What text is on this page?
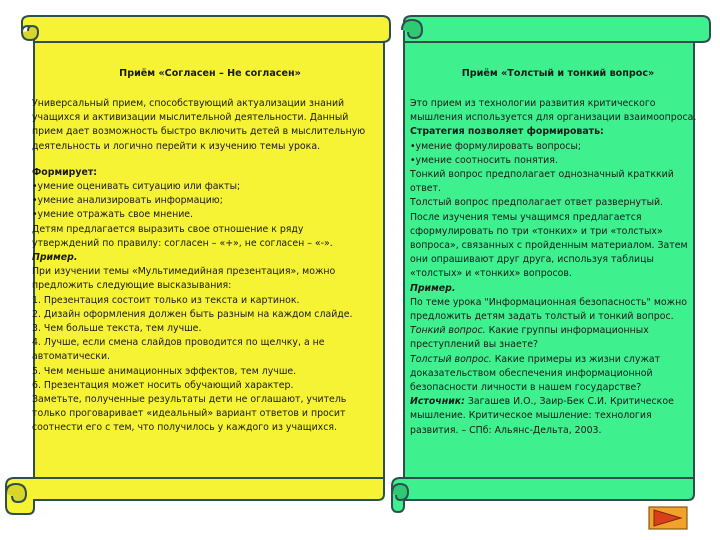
Приём «Согласен – Не согласен»

Универсальный прием, способствующий актуализации знаний учащихся и активизации мыслительной деятельности. Данный прием дает возможность быстро включить детей в мыслительную деятельность и логично перейти к изучению темы урока.

Формирует:

•умение оценивать ситуацию или факты;

•умение анализировать информацию;

•умение отражать свое мнение.

Детям предлагается выразить свое отношение к ряду утверждений по правилу: согласен – «+», не согласен – «-».

Пример.

При изучении темы «Мультимедийная презентация», можно предложить следующие высказывания:

1. Презентация состоит только из текста и картинок.

2. Дизайн оформления должен быть разным на каждом слайде.

3. Чем больше текста, тем лучше.

4. Лучше, если смена слайдов проводится по щелчку, а не автоматически.

5. Чем меньше анимационных эффектов, тем лучше.

6. Презентация может носить обучающий характер.

Заметьте, полученные результаты дети не оглашают, учитель только проговаривает «идеальный» вариант ответов и просит соотнести его с тем, что получилось у каждого из учащихся.

Приём «Толстый и тонкий вопрос»

Это прием из технологии развития критического мышления используется для организации взаимоопроса.

Стратегия позволяет формировать:

•умение формулировать вопросы;

•умение соотносить понятия.

Тонкий вопрос предполагает однозначный кратккий ответ.

Толстый вопрос предполагает ответ развернутый.

После изучения темы учащимся предлагается сформулировать по три «тонких» и три «толстых» вопроса», связанных с пройденным материалом. Затем они опрашивают друг друга, используя таблицы «толстых» и «тонких» вопросов.

Пример.

По теме урока "Информационная безопасность" можно предложить детям задать толстый и тонкий вопрос.

Тонкий вопрос. Какие группы информационных преступлений вы знаете?

Толстый вопрос. Какие примеры из жизни служат доказательством обеспечения информационной безопасности личности в нашем государстве?

Источник: Загашев И.О., Заир-Бек С.И. Критическое мышление. Критическое мышление: технология развития. – СПб: Альянс-Дельта, 2003.
